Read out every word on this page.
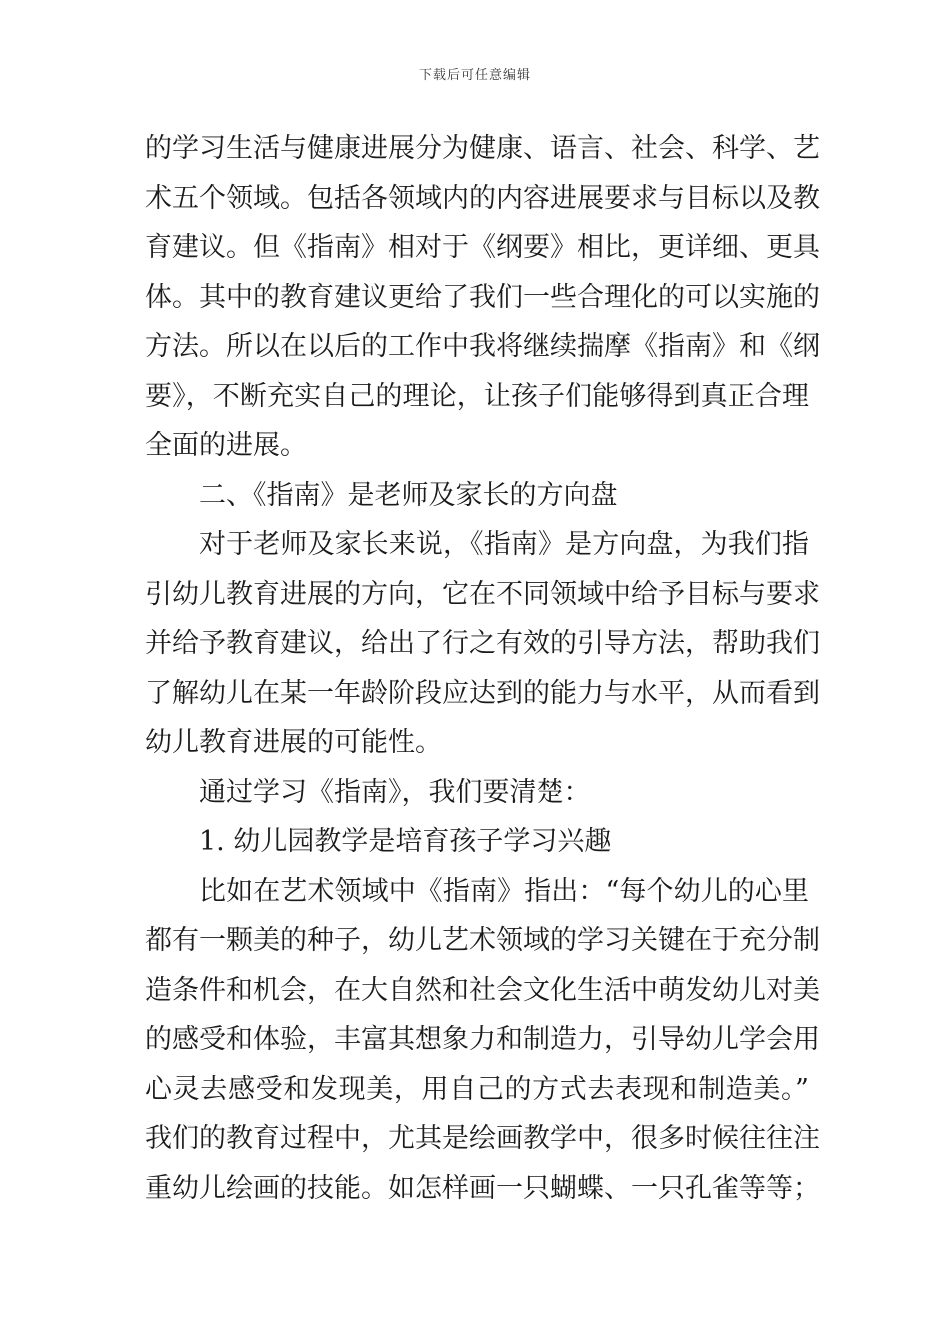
下载后可任意编辑
的学习生活与健康进展分为健康、语言、社会、科学、艺
术五个领域。包括各领域内的内容进展要求与目标以及教
育建议。但《指南》相对于《纲要》相比，更详细、更具
体。其中的教育建议更给了我们一些合理化的可以实施的
方法。所以在以后的工作中我将继续揣摩《指南》和《纲
要》，不断充实自己的理论，让孩子们能够得到真正合理
全面的进展。
二、《指南》是老师及家长的方向盘
对于老师及家长来说，《指南》是方向盘，为我们指
引幼儿教育进展的方向，它在不同领域中给予目标与要求
并给予教育建议，给出了行之有效的引导方法，帮助我们
了解幼儿在某一年龄阶段应达到的能力与水平，从而看到
幼儿教育进展的可能性。
通过学习《指南》，我们要清楚：
1. 幼儿园教学是培育孩子学习兴趣
比如在艺术领域中《指南》指出：“每个幼儿的心里
都有一颗美的种子，幼儿艺术领域的学习关键在于充分制
造条件和机会，在大自然和社会文化生活中萌发幼儿对美
的感受和体验，丰富其想象力和制造力，引导幼儿学会用
心灵去感受和发现美，用自己的方式去表现和制造美。”
我们的教育过程中，尤其是绘画教学中，很多时候往往注
重幼儿绘画的技能。如怎样画一只蝴蝶、一只孔雀等等；
